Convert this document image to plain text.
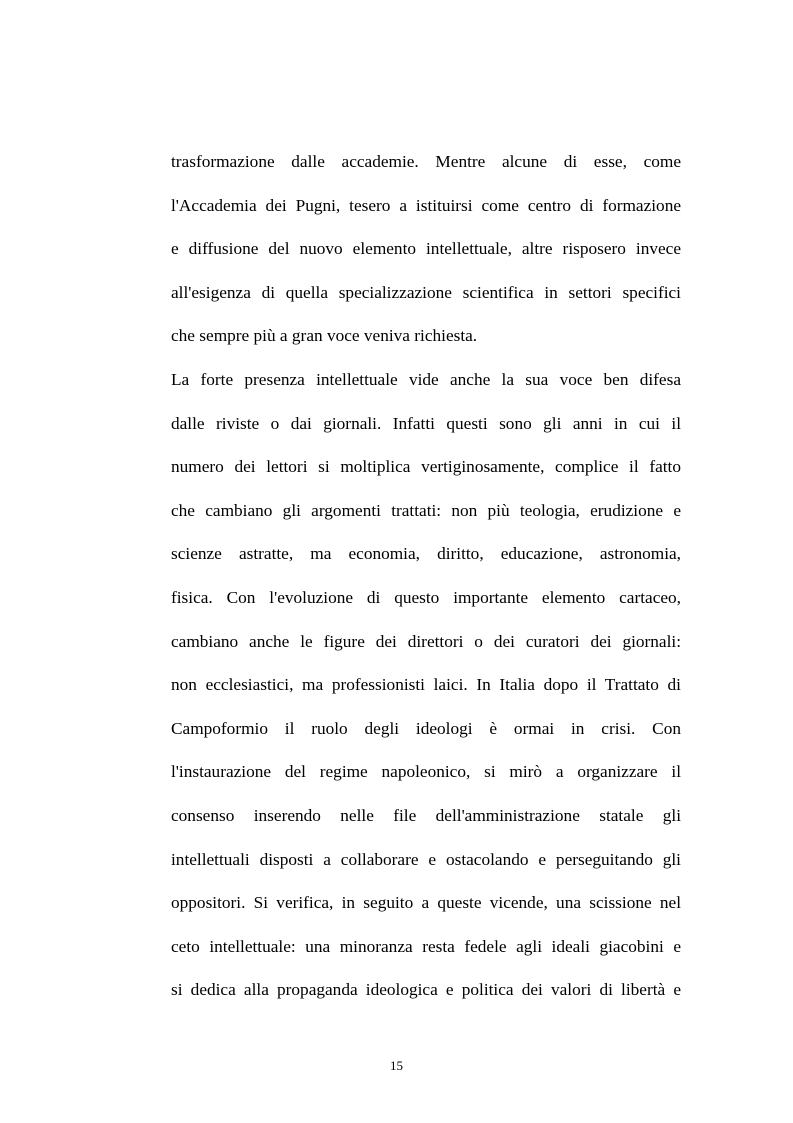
trasformazione dalle accademie. Mentre alcune di esse, come
l'Accademia dei Pugni, tesero a istituirsi come centro di formazione
e diffusione del nuovo elemento intellettuale, altre risposero invece
all'esigenza di quella specializzazione scientifica in settori specifici
che sempre più a gran voce veniva richiesta.
La forte presenza intellettuale vide anche la sua voce ben difesa
dalle riviste o dai giornali. Infatti questi sono gli anni in cui il
numero dei lettori si moltiplica vertiginosamente, complice il fatto
che cambiano gli argomenti trattati: non più teologia, erudizione e
scienze astratte, ma economia, diritto, educazione, astronomia,
fisica. Con l'evoluzione di questo importante elemento cartaceo,
cambiano anche le figure dei direttori o dei curatori dei giornali:
non ecclesiastici, ma professionisti laici. In Italia dopo il Trattato di
Campoformio il ruolo degli ideologi è ormai in crisi. Con
l'instaurazione del regime napoleonico, si mirò a organizzare il
consenso inserendo nelle file dell'amministrazione statale gli
intellettuali disposti a collaborare e ostacolando e perseguitando gli
oppositori. Si verifica, in seguito a queste vicende, una scissione nel
ceto intellettuale: una minoranza resta fedele agli ideali giacobini e
si dedica alla propaganda ideologica e politica dei valori di libertà e
15
